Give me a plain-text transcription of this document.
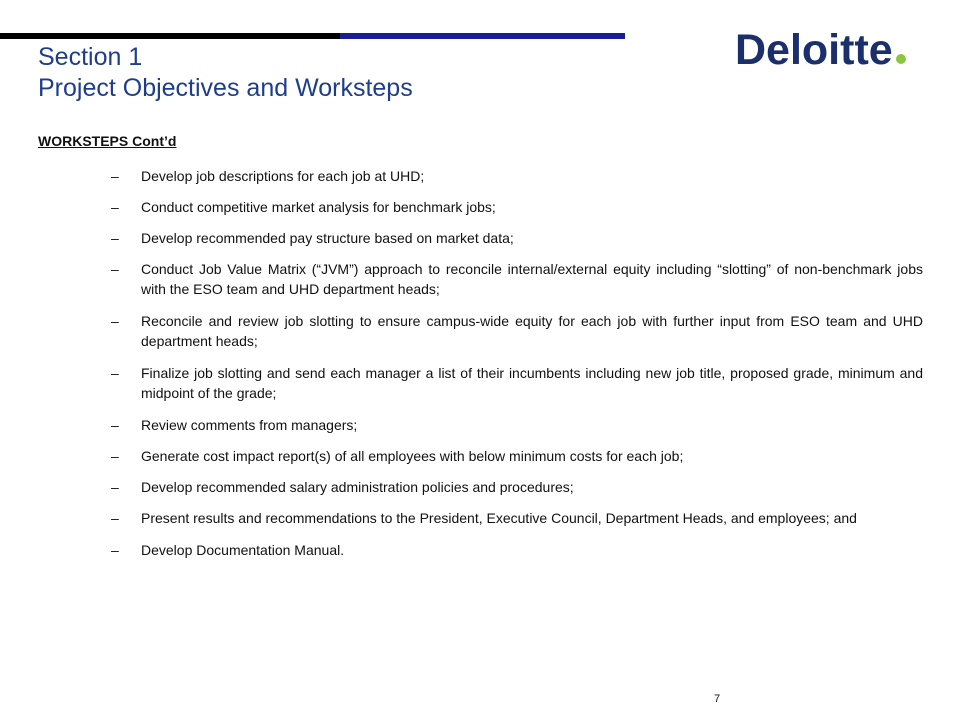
Section 1
Project Objectives and Worksteps
Deloitte
WORKSTEPS Cont’d
– Develop job descriptions for each job at UHD;
– Conduct competitive market analysis for benchmark jobs;
– Develop recommended pay structure based on market data;
– Conduct Job Value Matrix (“JVM”) approach to reconcile internal/external equity including “slotting” of non-benchmark jobs with the ESO team and UHD department heads;
– Reconcile and review job slotting to ensure campus-wide equity for each job with further input from ESO team and UHD department heads;
– Finalize job slotting and send each manager a list of their incumbents including new job title, proposed grade, minimum and midpoint of the grade;
– Review comments from managers;
– Generate cost impact report(s) of all employees with below minimum costs for each job;
– Develop recommended salary administration policies and procedures;
– Present results and recommendations to the President, Executive Council, Department Heads, and employees; and
– Develop Documentation Manual.
7
